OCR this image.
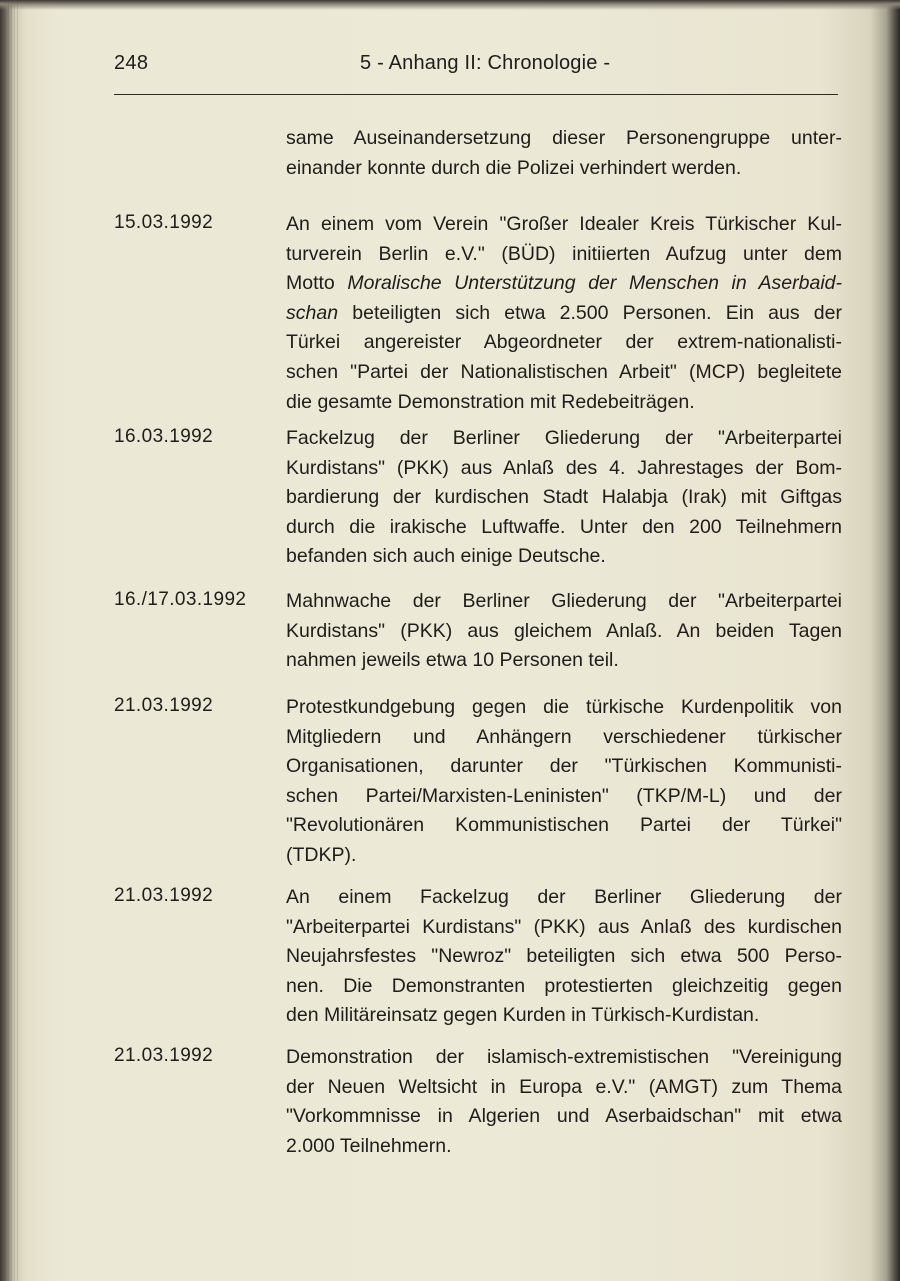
248	5 - Anhang II: Chronologie -
same Auseinandersetzung dieser Personengruppe unter-
einander konnte durch die Polizei verhindert werden.
15.03.1992	An einem vom Verein "Großer Idealer Kreis Türkischer Kul-
turverein Berlin e.V." (BÜD) initiierten Aufzug unter dem
Motto Moralische Unterstützung der Menschen in Aserbaid-
schan beteiligten sich etwa 2.500 Personen. Ein aus der
Türkei angereister Abgeordneter der extrem-nationalisti-
schen "Partei der Nationalistischen Arbeit" (MCP) begleitete
die gesamte Demonstration mit Redebeiträgen.
16.03.1992	Fackelzug der Berliner Gliederung der "Arbeiterpartei
Kurdistans" (PKK) aus Anlaß des 4. Jahrestages der Bom-
bardierung der kurdischen Stadt Halabja (Irak) mit Giftgas
durch die irakische Luftwaffe. Unter den 200 Teilnehmern
befanden sich auch einige Deutsche.
16./17.03.1992 Mahnwache der Berliner Gliederung der "Arbeiterpartei
Kurdistans" (PKK) aus gleichem Anlaß. An beiden Tagen
nahmen jeweils etwa 10 Personen teil.
21.03.1992	Protestkundgebung gegen die türkische Kurdenpolitik von
Mitgliedern und Anhängern verschiedener türkischer
Organisationen, darunter der "Türkischen Kommunisti-
schen Partei/Marxisten-Leninisten" (TKP/M-L) und der
"Revolutionären Kommunistischen Partei der Türkei"
(TDKP).
21.03.1992	An einem Fackelzug der Berliner Gliederung der
"Arbeiterpartei Kurdistans" (PKK) aus Anlaß des kurdischen
Neujahrsfestes "Newroz" beteiligten sich etwa 500 Perso-
nen. Die Demonstranten protestierten gleichzeitig gegen
den Militäreinsatz gegen Kurden in Türkisch-Kurdistan.
21.03.1992	Demonstration der islamisch-extremistischen "Vereinigung
der Neuen Weltsicht in Europa e.V." (AMGT) zum Thema
"Vorkommnisse in Algerien und Aserbaidschan" mit etwa
2.000 Teilnehmern.
